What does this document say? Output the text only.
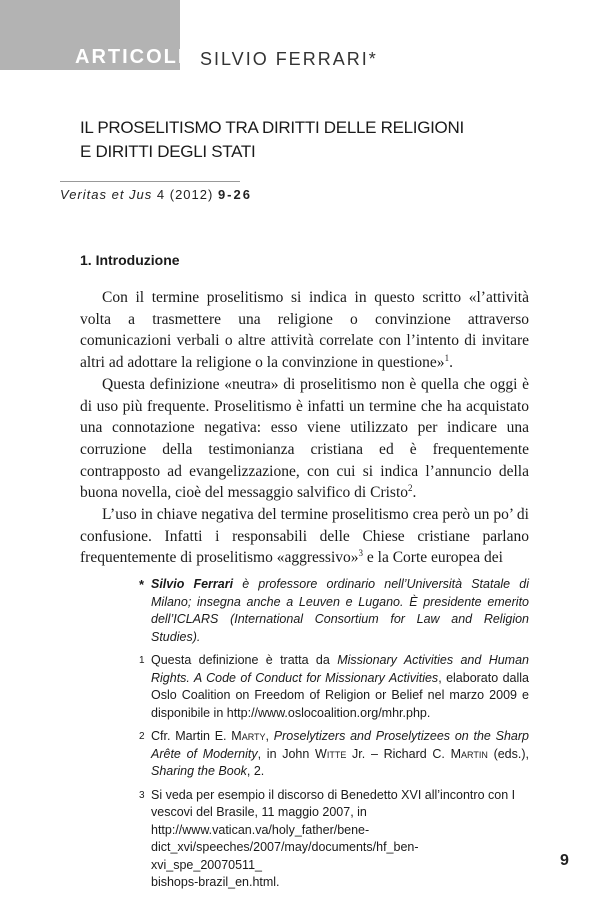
ARTICOLI SILVIO FERRARI*
IL PROSELITISMO TRA DIRITTI DELLE RELIGIONI
E DIRITTI DEGLI STATI
Veritas et Jus 4 (2012) 9-26
1. Introduzione

Con il termine proselitismo si indica in questo scritto «l’attività volta a trasmettere una religione o convinzione attraverso comunicazioni verbali o altre attività correlate con l’intento di invitare altri ad adottare la religione o la convinzione in questione»$^1$.

Questa definizione «neutra» di proselitismo non è quella che oggi è di uso più frequente. Proselitismo è infatti un termine che ha acquistato una connotazione negativa: esso viene utilizzato per indicare una corruzione della testimonianza cristiana ed è frequentemente contrapposto ad evangelizzazione, con cui si indica l’annuncio della buona novella, cioè del messaggio salvifico di Cristo$^2$.

L’uso in chiave negativa del termine proselitismo crea però un po’ di confusione. Infatti i responsabili delle Chiese cristiane parlano frequentemente di proselitismo «aggressivo»$^3$ e la Corte europea dei

* Silvio Ferrari è professore ordinario nell’Università Statale di Milano; insegna anche a Leuven e Lugano. È presidente emerito dell’ICLARS (International Consortium for Law and Religion Studies).
1 Questa definizione è tratta da Missionary Activities and Human Rights. A Code of Conduct for Missionary Activities, elaborato dalla Oslo Coalition on Freedom of Religion or Belief nel marzo 2009 e disponibile in http://www.oslocoalition.org/mhr.php.
2 Cfr. Martin E. Marty, Proselytizers and Proselytizees on the Sharp Arête of Modernity, in John Witte Jr. – Richard C. Martin (eds.), Sharing the Book, 2.
3 Si veda per esempio il discorso di Benedetto XVI all’incontro con I vescovi del Brasile, 11 maggio 2007, in http://www.vatican.va/holy_father/bene-
dict_xvi/speeches/2007/may/documents/hf_ben-xvi_spe_20070511_
bishops-brazil_en.html.
9
